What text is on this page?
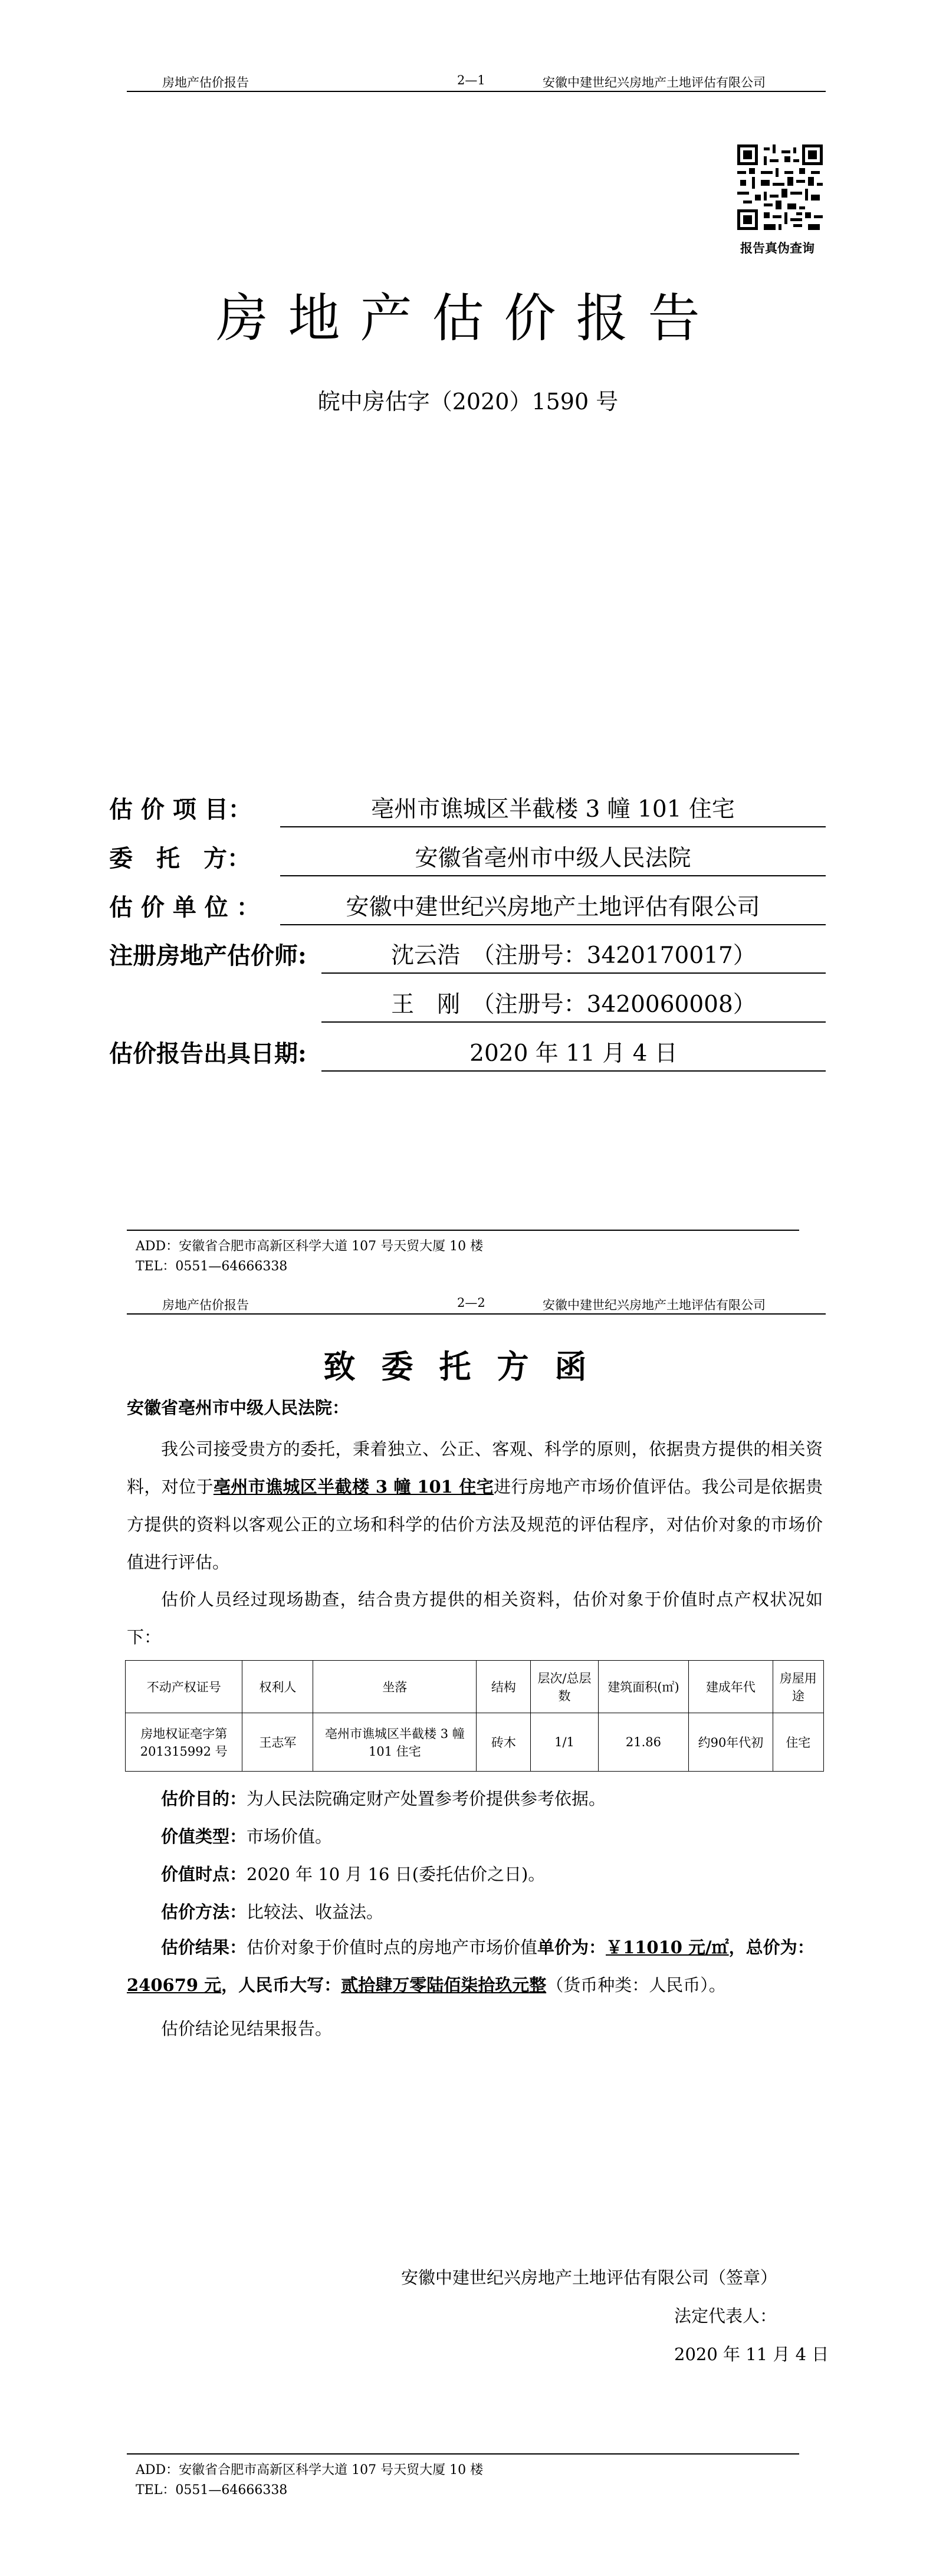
房地产估价报告	2—1	安徽中建世纪兴房地产土地评估有限公司
报告真伪查询
房地产估价报告
皖中房估字（2020）1590 号
估 价 项 目：	亳州市谯城区半截楼 3 幢 101 住宅
委　托　方：	安徽省亳州市中级人民法院
估 价 单 位 ：	安徽中建世纪兴房地产土地评估有限公司
注册房地产估价师:	沈云浩　（注册号：3420170017）
王　刚　（注册号：3420060008）
估价报告出具日期:	2020 年 11 月 4 日
ADD：安徽省合肥市高新区科学大道 107 号天贸大厦 10 楼
TEL：0551—64666338
房地产估价报告	2—2	安徽中建世纪兴房地产土地评估有限公司
致委托方函
安徽省亳州市中级人民法院：
我公司接受贵方的委托，秉着独立、公正、客观、科学的原则，依据贵方提供的相关资料，对位于亳州市谯城区半截楼 3 幢 101 住宅进行房地产市场价值评估。我公司是依据贵方提供的资料以客观公正的立场和科学的估价方法及规范的评估程序，对估价对象的市场价值进行评估。
估价人员经过现场勘查，结合贵方提供的相关资料，估价对象于价值时点产权状况如下：
不动产权证号	权利人	坐落	结构	层次/总层数	建筑面积(㎡)	建成年代	房屋用途
房地权证亳字第 201315992 号	王志军	亳州市谯城区半截楼 3 幢 101 住宅	砖木	1/1	21.86	约90年代初	住宅
估价目的：为人民法院确定财产处置参考价提供参考依据。
价值类型：市场价值。
价值时点：2020 年 10 月 16 日(委托估价之日)。
估价方法：比较法、收益法。
估价结果：估价对象于价值时点的房地产市场价值单价为：￥11010 元/㎡，总价为：240679 元，人民币大写：贰拾肆万零陆佰柒拾玖元整（货币种类：人民币）。
估价结论见结果报告。
安徽中建世纪兴房地产土地评估有限公司（签章）
法定代表人：
2020 年 11 月 4 日
ADD：安徽省合肥市高新区科学大道 107 号天贸大厦 10 楼
TEL：0551—64666338
